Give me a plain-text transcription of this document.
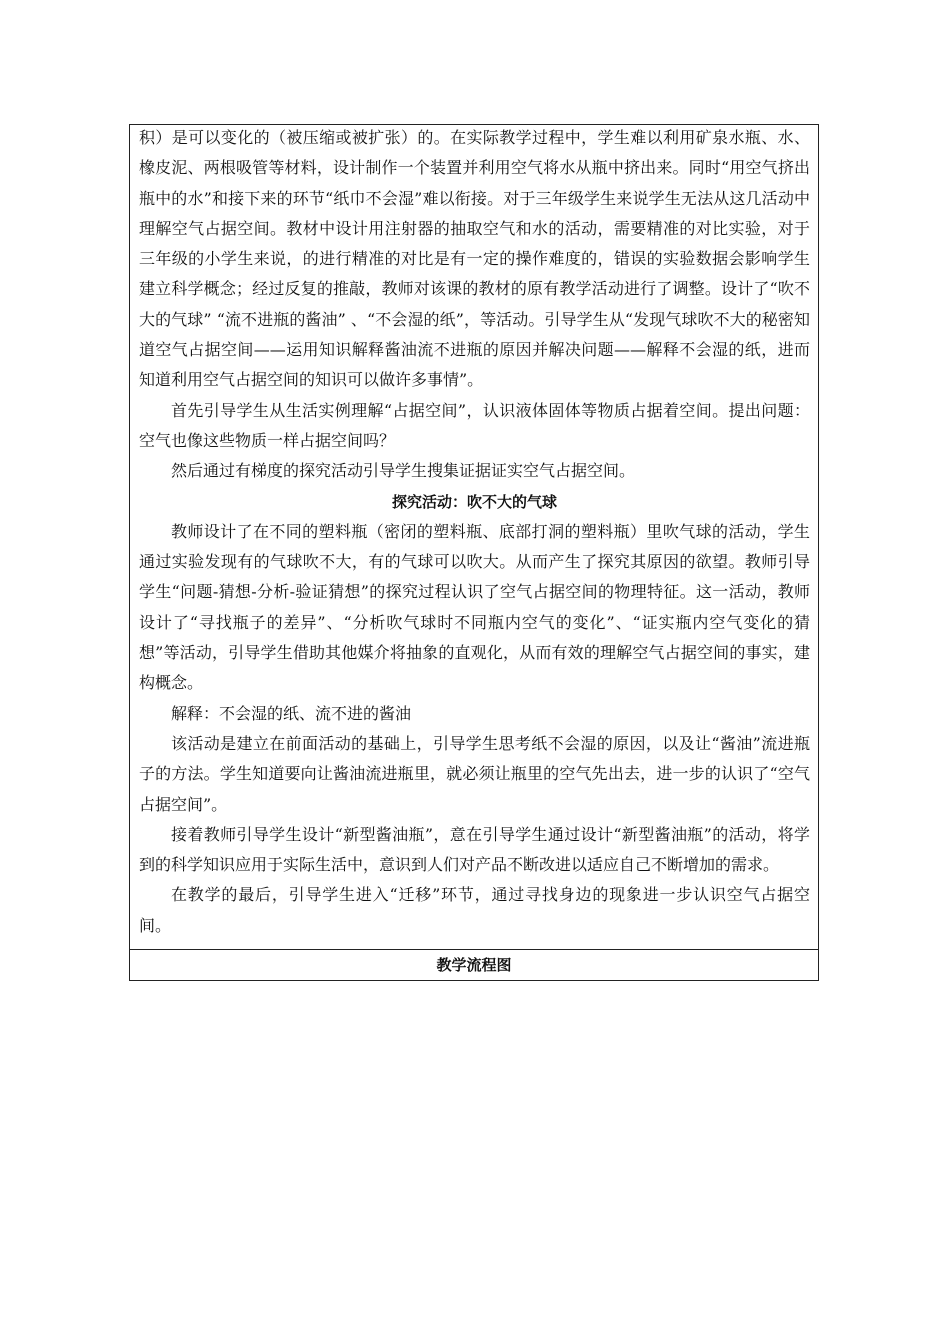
积）是可以变化的（被压缩或被扩张）的。在实际教学过程中，学生难以利用矿泉水瓶、水、橡皮泥、两根吸管等材料，设计制作一个装置并利用空气将水从瓶中挤出来。同时“用空气挤出瓶中的水”和接下来的环节“纸巾不会湿”难以衔接。对于三年级学生来说学生无法从这几活动中理解空气占据空间。教材中设计用注射器的抽取空气和水的活动，需要精准的对比实验，对于三年级的小学生来说，的进行精准的对比是有一定的操作难度的，错误的实验数据会影响学生建立科学概念；经过反复的推敲，教师对该课的教材的原有教学活动进行了调整。设计了“吹不大的气球” “流不进瓶的酱油” 、“不会湿的纸”，等活动。引导学生从“发现气球吹不大的秘密知道空气占据空间——运用知识解释酱油流不进瓶的原因并解决问题——解释不会湿的纸，进而知道利用空气占据空间的知识可以做许多事情”。

首先引导学生从生活实例理解“占据空间”，认识液体固体等物质占据着空间。提出问题：空气也像这些物质一样占据空间吗？

然后通过有梯度的探究活动引导学生搜集证据证实空气占据空间。

探究活动：吹不大的气球

教师设计了在不同的塑料瓶（密闭的塑料瓶、底部打洞的塑料瓶）里吹气球的活动，学生通过实验发现有的气球吹不大，有的气球可以吹大。从而产生了探究其原因的欲望。教师引导学生“问题-猜想-分析-验证猜想”的探究过程认识了空气占据空间的物理特征。这一活动，教师设计了“寻找瓶子的差异”、“分析吹气球时不同瓶内空气的变化”、“证实瓶内空气变化的猜想”等活动，引导学生借助其他媒介将抽象的直观化，从而有效的理解空气占据空间的事实，建构概念。

解释：不会湿的纸、流不进的酱油

该活动是建立在前面活动的基础上，引导学生思考纸不会湿的原因，以及让“酱油”流进瓶子的方法。学生知道要向让酱油流进瓶里，就必须让瓶里的空气先出去，进一步的认识了“空气占据空间”。

接着教师引导学生设计“新型酱油瓶”，意在引导学生通过设计“新型酱油瓶”的活动，将学到的科学知识应用于实际生活中，意识到人们对产品不断改进以适应自己不断增加的需求。

在教学的最后，引导学生进入“迁移”环节，通过寻找身边的现象进一步认识空气占据空间。

教学流程图
